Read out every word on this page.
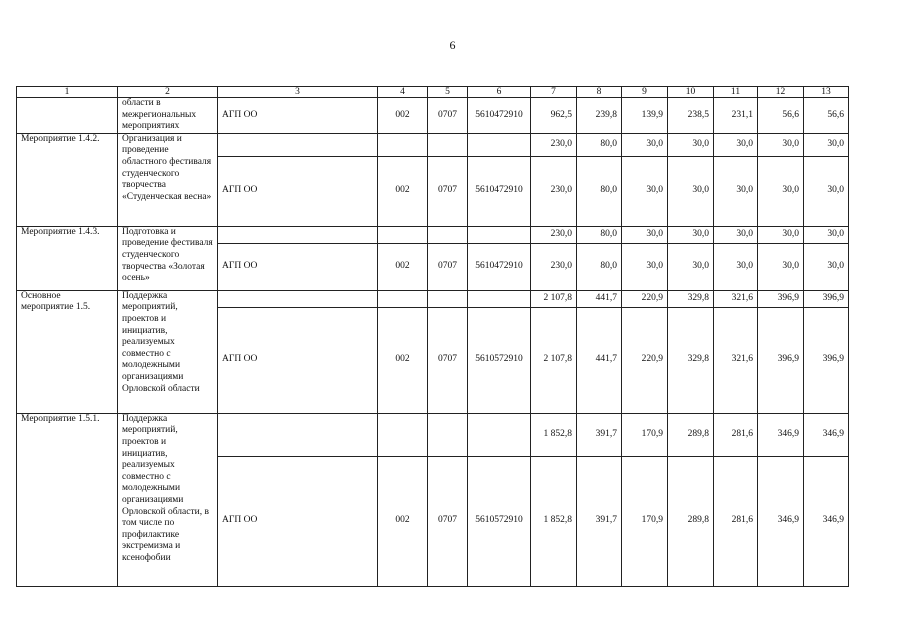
6
1	2	3	4	5	6	7	8	9	10	11	12	13
	области в межрегиональных мероприятиях	АГП ОО	002	0707	5610472910	962,5	239,8	139,9	238,5	231,1	56,6	56,6
Мероприятие 1.4.2.	Организация и проведение областного фестиваля студенческого творчества «Студенческая весна»					230,0	80,0	30,0	30,0	30,0	30,0	30,0
		АГП ОО	002	0707	5610472910	230,0	80,0	30,0	30,0	30,0	30,0	30,0
Мероприятие 1.4.3.	Подготовка и проведение фестиваля студенческого творчества «Золотая осень»					230,0	80,0	30,0	30,0	30,0	30,0	30,0
		АГП ОО	002	0707	5610472910	230,0	80,0	30,0	30,0	30,0	30,0	30,0
Основное мероприятие 1.5.	Поддержка мероприятий, проектов и инициатив, реализуемых совместно с молодежными организациями Орловской области					2 107,8	441,7	220,9	329,8	321,6	396,9	396,9
		АГП ОО	002	0707	5610572910	2 107,8	441,7	220,9	329,8	321,6	396,9	396,9
Мероприятие 1.5.1.	Поддержка мероприятий, проектов и инициатив, реализуемых совместно с молодежными организациями Орловской области, в том числе по профилактике экстремизма и ксенофобии					1 852,8	391,7	170,9	289,8	281,6	346,9	346,9
		АГП ОО	002	0707	5610572910	1 852,8	391,7	170,9	289,8	281,6	346,9	346,9
